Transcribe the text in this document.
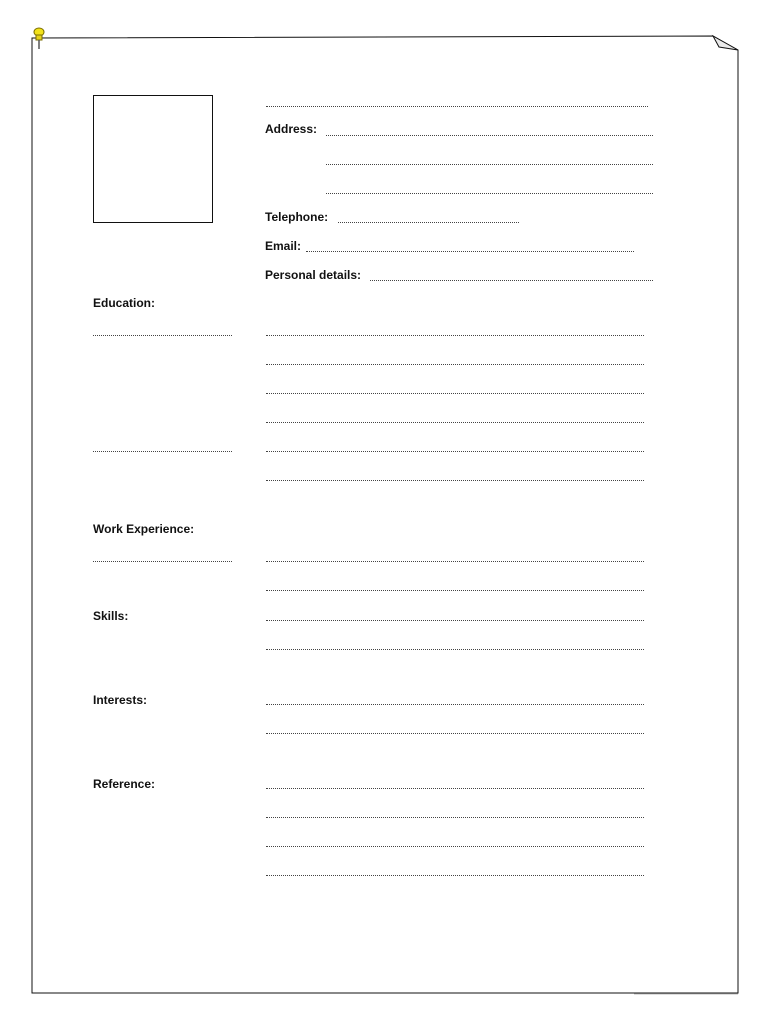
Address:
Telephone:
Email:
Personal details:
Education:
Work Experience:
Skills:
Interests:
Reference:
